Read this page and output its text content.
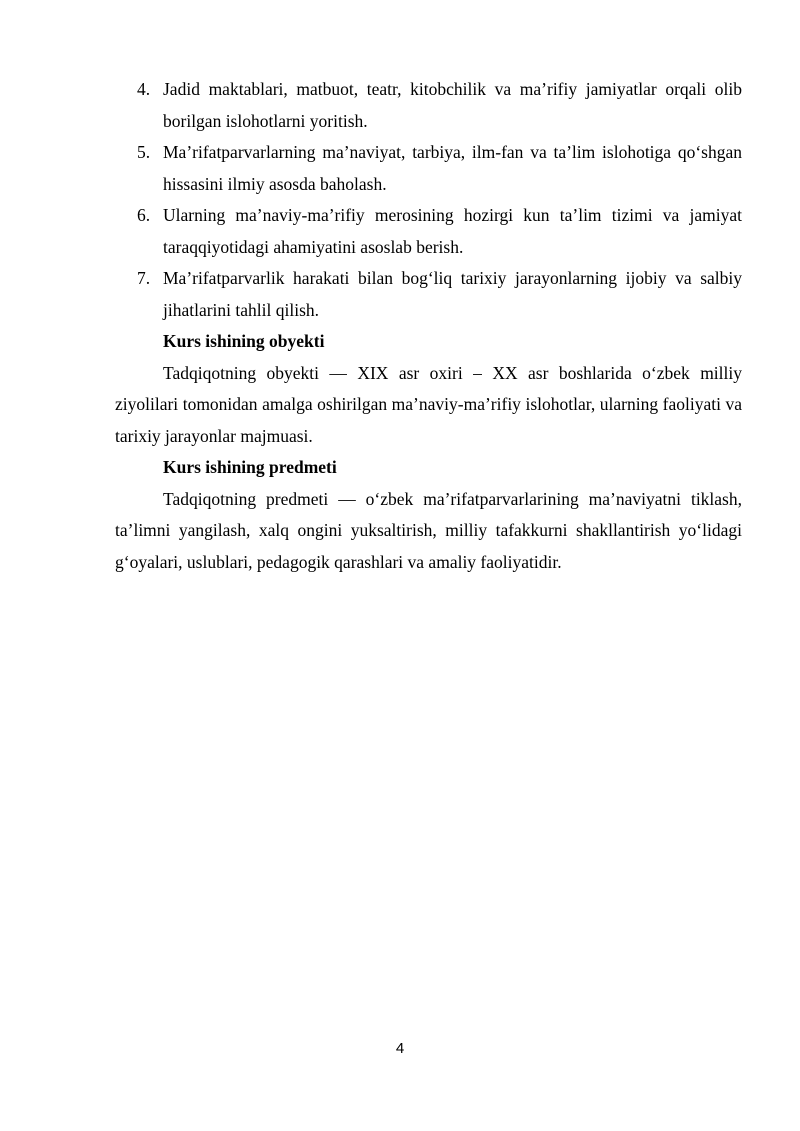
4. Jadid maktablari, matbuot, teatr, kitobchilik va ma’rifiy jamiyatlar orqali olib borilgan islohotlarni yoritish.
5. Ma’rifatparvarlarning ma’naviyat, tarbiya, ilm-fan va ta’lim islohotiga qo‘shgan hissasini ilmiy asosda baholash.
6. Ularning ma’naviy-ma’rifiy merosining hozirgi kun ta’lim tizimi va jamiyat taraqqiyotidagi ahamiyatini asoslab berish.
7. Ma’rifatparvarlik harakati bilan bog‘liq tarixiy jarayonlarning ijobiy va salbiy jihatlarini tahlil qilish.

Kurs ishining obyekti

Tadqiqotning obyekti — XIX asr oxiri – XX asr boshlarida o‘zbek milliy ziyolilari tomonidan amalga oshirilgan ma’naviy-ma’rifiy islohotlar, ularning faoliyati va tarixiy jarayonlar majmuasi.

Kurs ishining predmeti

Tadqiqotning predmeti — o‘zbek ma’rifatparvarlarining ma’naviyatni tiklash, ta’limni yangilash, xalq ongini yuksaltirish, milliy tafakkurni shakllantirish yo‘lidagi g‘oyalari, uslublari, pedagogik qarashlari va amaliy faoliyatidir.

4
